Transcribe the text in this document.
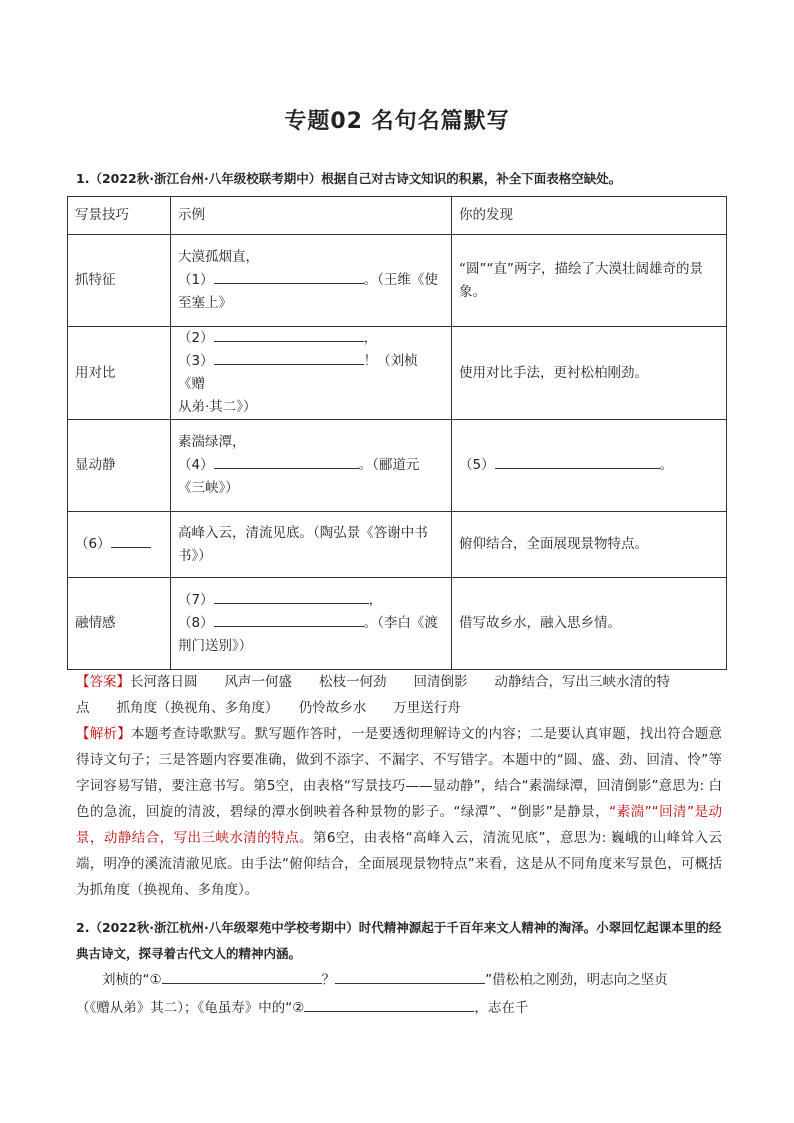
专题02 名句名篇默写
1.（2022秋·浙江台州·八年级校联考期中）根据自己对古诗文知识的积累，补全下面表格空缺处。
写景技巧	示例	你的发现
抓特征	大漠孤烟直，
（1） 。（王维《使
至塞上》	“圆”“直”两字，描绘了大漠壮阔雄奇的景象。
用对比	（2） ，
（3） ！（刘桢《赠
从弟·其二》）	使用对比手法，更衬松柏刚劲。
显动静	素湍绿潭，
（4） 。（郦道元
《三峡》）	（5） 。
（6）	高峰入云，清流见底。（陶弘景《答谢中书
书》）	俯仰结合，全面展现景物特点。
融情感	（7） ，
（8） 。（李白《渡
荆门送别》）	借写故乡水，融入思乡情。
【答案】长河落日圆　　风声一何盛　　松枝一何劲　　回清倒影　　动静结合，写出三峡水清的特
点　　抓角度（换视角、多角度）　　仍怜故乡水　　万里送行舟
【解析】本题考查诗歌默写。默写题作答时，一是要透彻理解诗文的内容；二是要认真审题，找出符合题意得诗文句子；三是答题内容要准确，做到不添字、不漏字、不写错字。本题中的“圆、盛、劲、回清、怜”等字词容易写错，要注意书写。第5空，由表格“写景技巧——显动静”，结合“素湍绿潭，回清倒影”意思为: 白色的急流，回旋的清波，碧绿的潭水倒映着各种景物的影子。“绿潭”、“倒影”是静景，“素湍”“回清”是动景，动静结合，写出三峡水清的特点。第6空，由表格“高峰入云，清流见底”，意思为: 巍峨的山峰耸入云端，明净的溪流清澈见底。由手法“俯仰结合，全面展现景物特点”来看，这是从不同角度来写景色，可概括为抓角度（换视角、多角度）。
2.（2022秋·浙江杭州·八年级翠苑中学校考期中）时代精神源起于千百年来文人精神的淘泽。小翠回忆起课本里的经典古诗文，探寻着古代文人的精神内涵。
刘桢的“①	？	”借松柏之刚劲，明志向之坚贞
（《赠从弟》其二）；《龟虽寿》中的“②	，志在千
